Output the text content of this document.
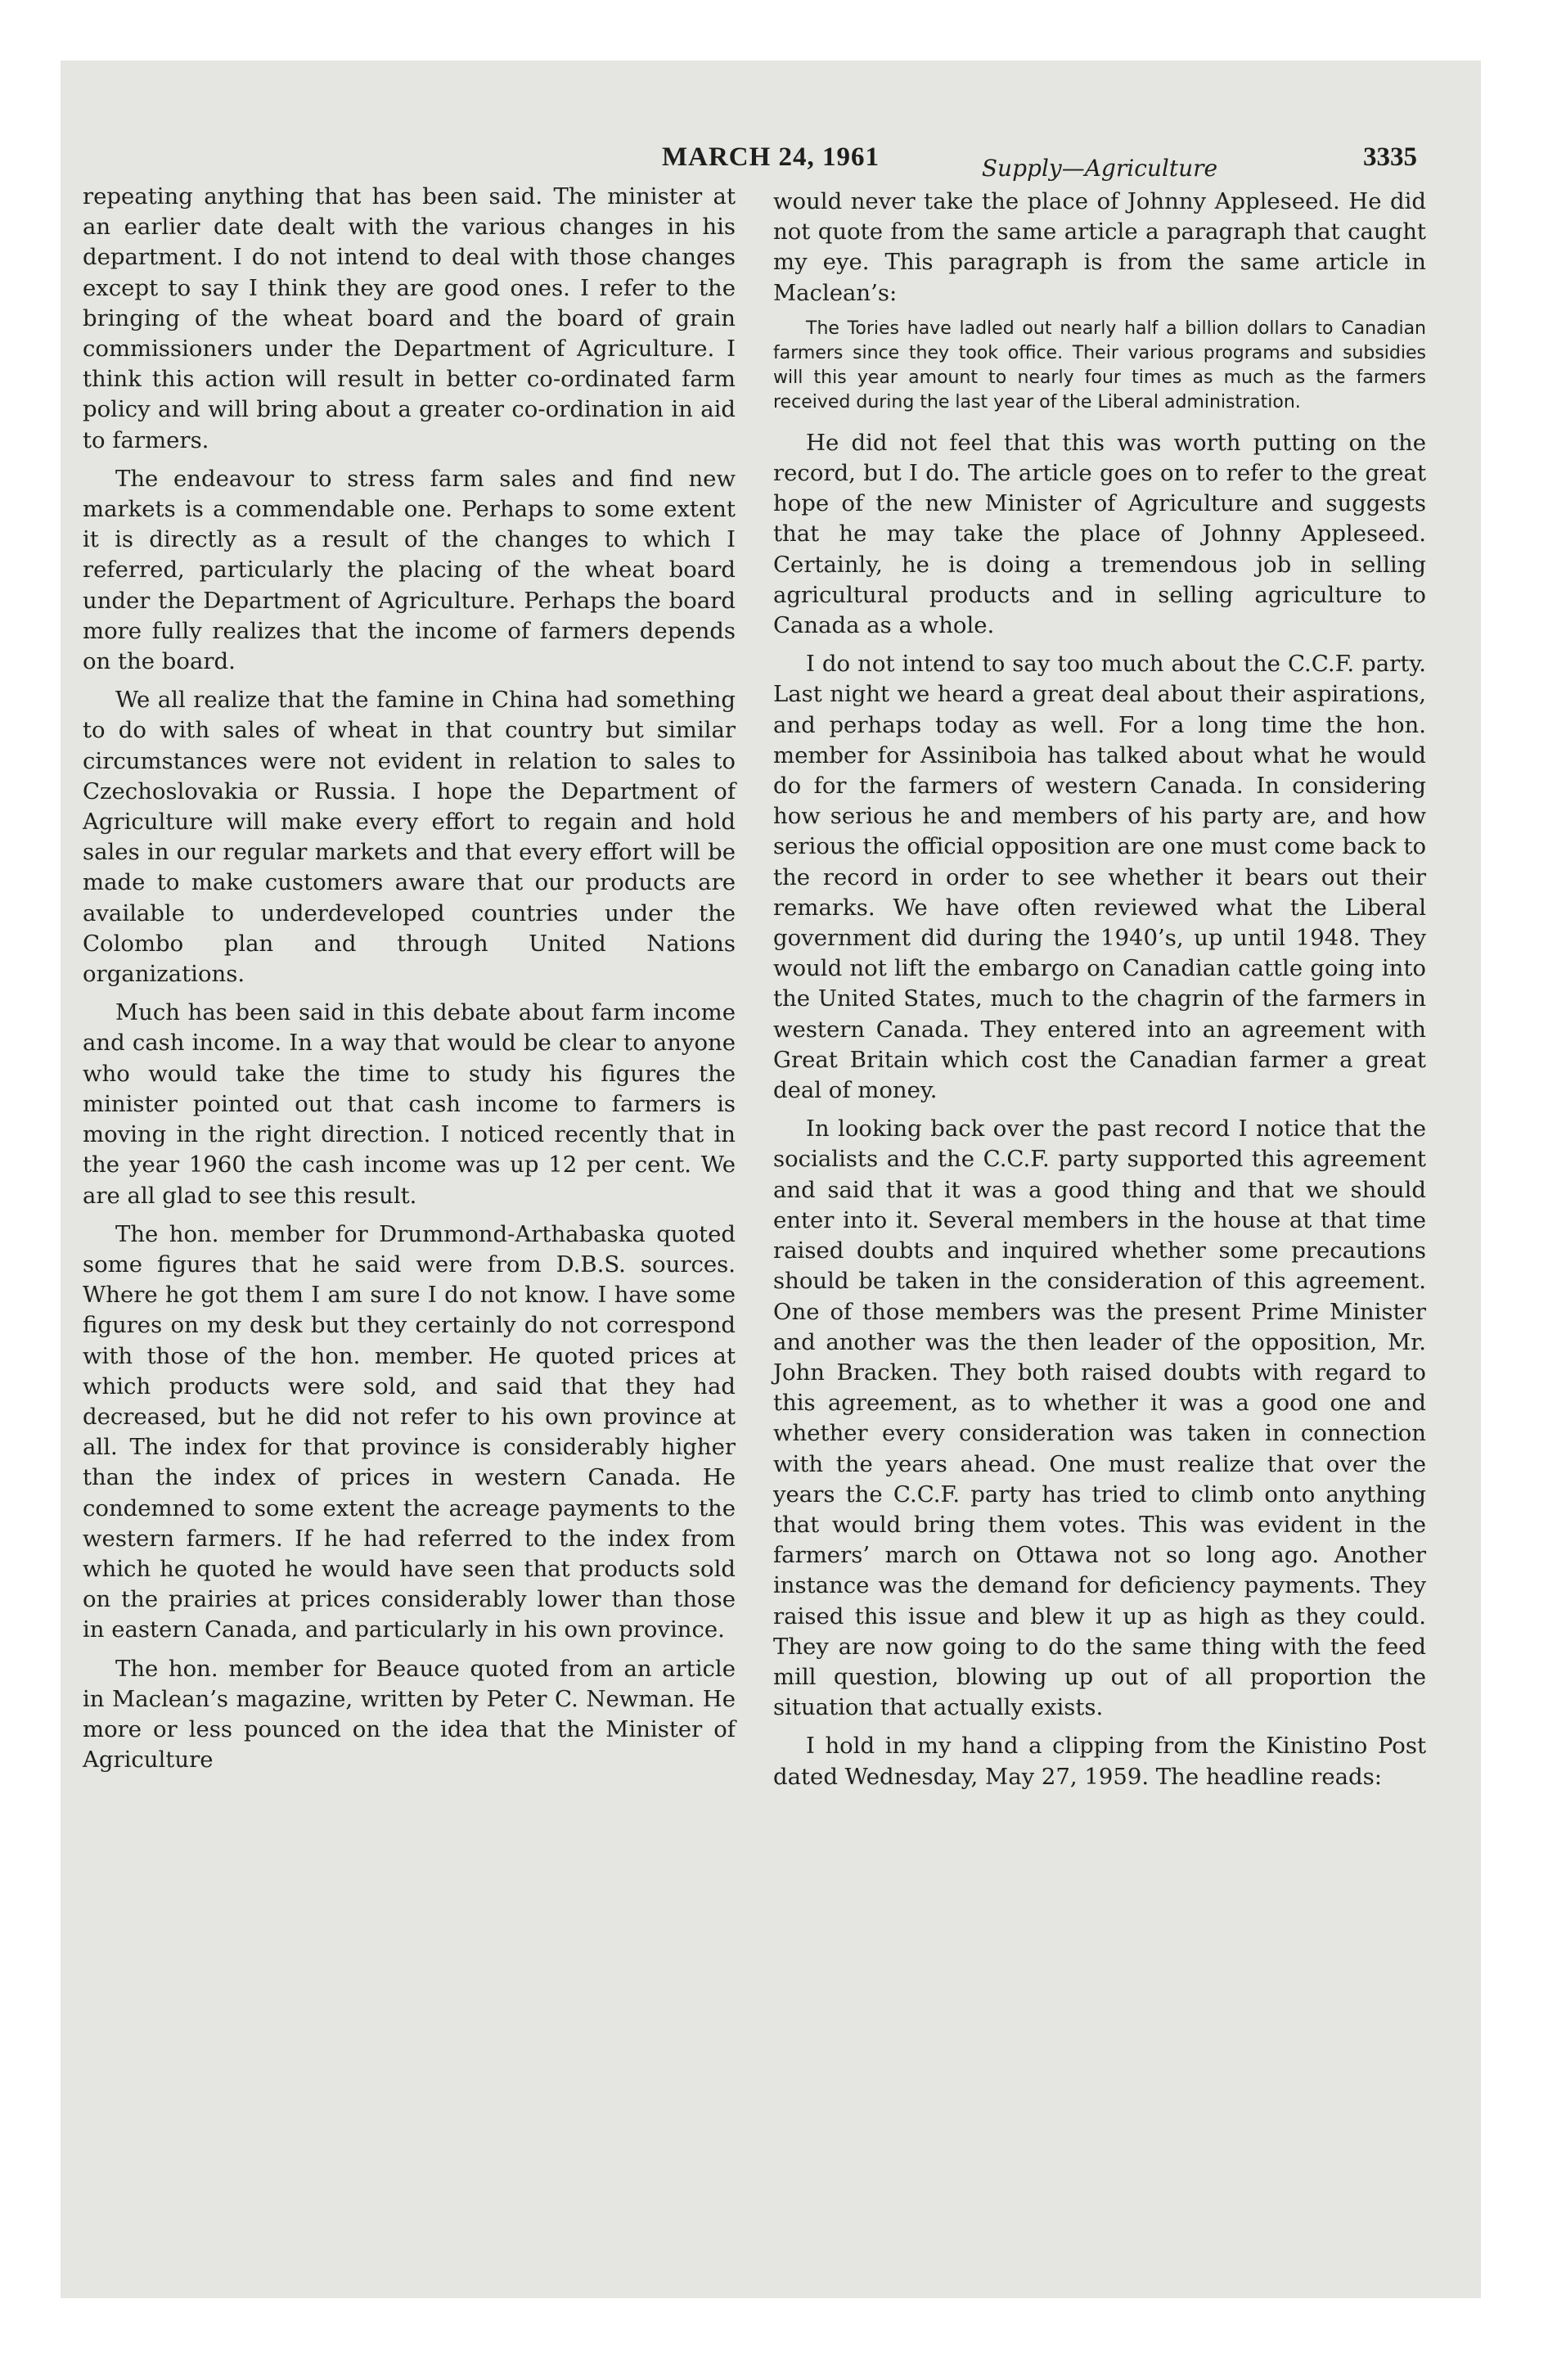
MARCH 24, 1961	3335

repeating anything that has been said. The minister at an earlier date dealt with the various changes in his department. I do not intend to deal with those changes except to say I think they are good ones. I refer to the bringing of the wheat board and the board of grain commissioners under the Department of Agriculture. I think this action will result in better co-ordinated farm policy and will bring about a greater co-ordination in aid to farmers.

The endeavour to stress farm sales and find new markets is a commendable one. Perhaps to some extent it is directly as a result of the changes to which I referred, particularly the placing of the wheat board under the Department of Agriculture. Perhaps the board more fully realizes that the income of farmers depends on the board.

We all realize that the famine in China had something to do with sales of wheat in that country but similar circumstances were not evident in relation to sales to Czechoslovakia or Russia. I hope the Department of Agriculture will make every effort to regain and hold sales in our regular markets and that every effort will be made to make customers aware that our products are available to underdeveloped countries under the Colombo plan and through United Nations organizations.

Much has been said in this debate about farm income and cash income. In a way that would be clear to anyone who would take the time to study his figures the minister pointed out that cash income to farmers is moving in the right direction. I noticed recently that in the year 1960 the cash income was up 12 per cent. We are all glad to see this result.

The hon. member for Drummond-Arthabaska quoted some figures that he said were from D.B.S. sources. Where he got them I am sure I do not know. I have some figures on my desk but they certainly do not correspond with those of the hon. member. He quoted prices at which products were sold, and said that they had decreased, but he did not refer to his own province at all. The index for that province is considerably higher than the index of prices in western Canada. He condemned to some extent the acreage payments to the western farmers. If he had referred to the index from which he quoted he would have seen that products sold on the prairies at prices considerably lower than those in eastern Canada, and particularly in his own province.

The hon. member for Beauce quoted from an article in Maclean’s magazine, written by Peter C. Newman. He more or less pounced on the idea that the Minister of Agriculture

Supply—Agriculture

would never take the place of Johnny Appleseed. He did not quote from the same article a paragraph that caught my eye. This paragraph is from the same article in Maclean’s:

The Tories have ladled out nearly half a billion dollars to Canadian farmers since they took office. Their various programs and subsidies will this year amount to nearly four times as much as the farmers received during the last year of the Liberal administration.

He did not feel that this was worth putting on the record, but I do. The article goes on to refer to the great hope of the new Minister of Agriculture and suggests that he may take the place of Johnny Appleseed. Certainly, he is doing a tremendous job in selling agricultural products and in selling agriculture to Canada as a whole.

I do not intend to say too much about the C.C.F. party. Last night we heard a great deal about their aspirations, and perhaps today as well. For a long time the hon. member for Assiniboia has talked about what he would do for the farmers of western Canada. In considering how serious he and members of his party are, and how serious the official opposition are one must come back to the record in order to see whether it bears out their remarks. We have often reviewed what the Liberal government did during the 1940’s, up until 1948. They would not lift the embargo on Canadian cattle going into the United States, much to the chagrin of the farmers in western Canada. They entered into an agreement with Great Britain which cost the Canadian farmer a great deal of money.

In looking back over the past record I notice that the socialists and the C.C.F. party supported this agreement and said that it was a good thing and that we should enter into it. Several members in the house at that time raised doubts and inquired whether some precautions should be taken in the consideration of this agreement. One of those members was the present Prime Minister and another was the then leader of the opposition, Mr. John Bracken. They both raised doubts with regard to this agreement, as to whether it was a good one and whether every consideration was taken in connection with the years ahead. One must realize that over the years the C.C.F. party has tried to climb onto anything that would bring them votes. This was evident in the farmers’ march on Ottawa not so long ago. Another instance was the demand for deficiency payments. They raised this issue and blew it up as high as they could. They are now going to do the same thing with the feed mill question, blowing up out of all proportion the situation that actually exists.

I hold in my hand a clipping from the Kinistino Post dated Wednesday, May 27, 1959. The headline reads:
